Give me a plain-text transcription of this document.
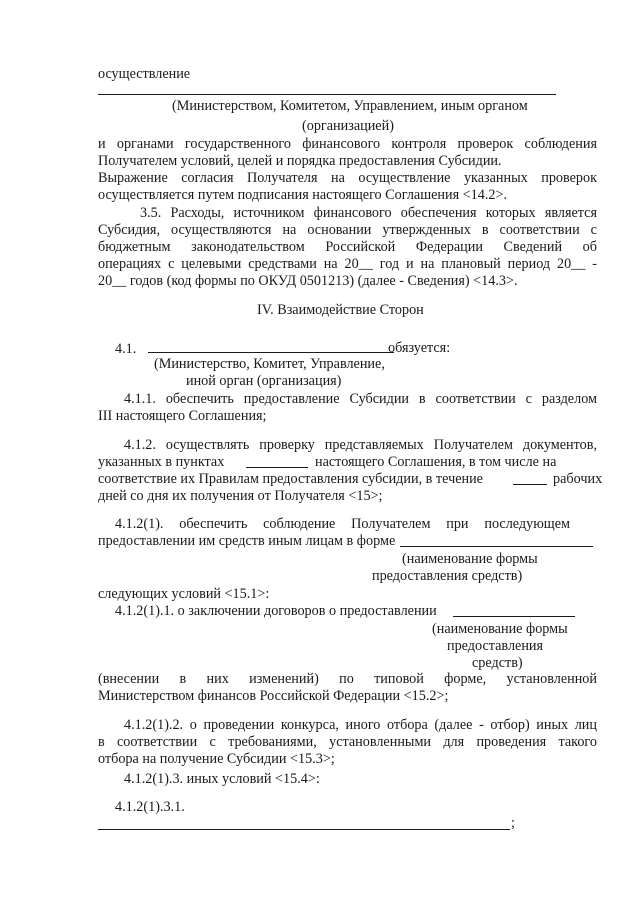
осуществление
(Министерством, Комитетом, Управлением, иным органом
(организацией)
и органами государственного финансового контроля проверок соблюдения
Получателем условий, целей и порядка предоставления Субсидии.
Выражение согласия Получателя на осуществление указанных проверок
осуществляется путем подписания настоящего Соглашения <14.2>.
3.5. Расходы, источником финансового обеспечения которых является
Субсидия, осуществляются на основании утвержденных в соответствии с
бюджетным законодательством Российской Федерации Сведений об
операциях с целевыми средствами на 20__ год и на плановый период 20__ -
20__ годов (код формы по ОКУД 0501213) (далее - Сведения) <14.3>.
IV. Взаимодействие Сторон
4.1.	обязуется:
(Министерство, Комитет, Управление,
иной орган (организация)
4.1.1. обеспечить предоставление Субсидии в соответствии с разделом
III настоящего Соглашения;
4.1.2. осуществлять проверку представляемых Получателем документов,
указанных в пунктах	настоящего Соглашения, в том числе на
соответствие их Правилам предоставления субсидии, в течение	рабочих
дней со дня их получения от Получателя <15>;
4.1.2(1). обеспечить соблюдение Получателем при последующем
предоставлении им средств иным лицам в форме
(наименование формы
предоставления средств)
следующих условий <15.1>:
4.1.2(1).1. о заключении договоров о предоставлении
(наименование формы
предоставления
средств)
(внесении в них изменений) по типовой форме, установленной
Министерством финансов Российской Федерации <15.2>;
4.1.2(1).2. о проведении конкурса, иного отбора (далее - отбор) иных лиц
в соответствии с требованиями, установленными для проведения такого
отбора на получение Субсидии <15.3>;
4.1.2(1).3. иных условий <15.4>:
4.1.2(1).3.1.
;
